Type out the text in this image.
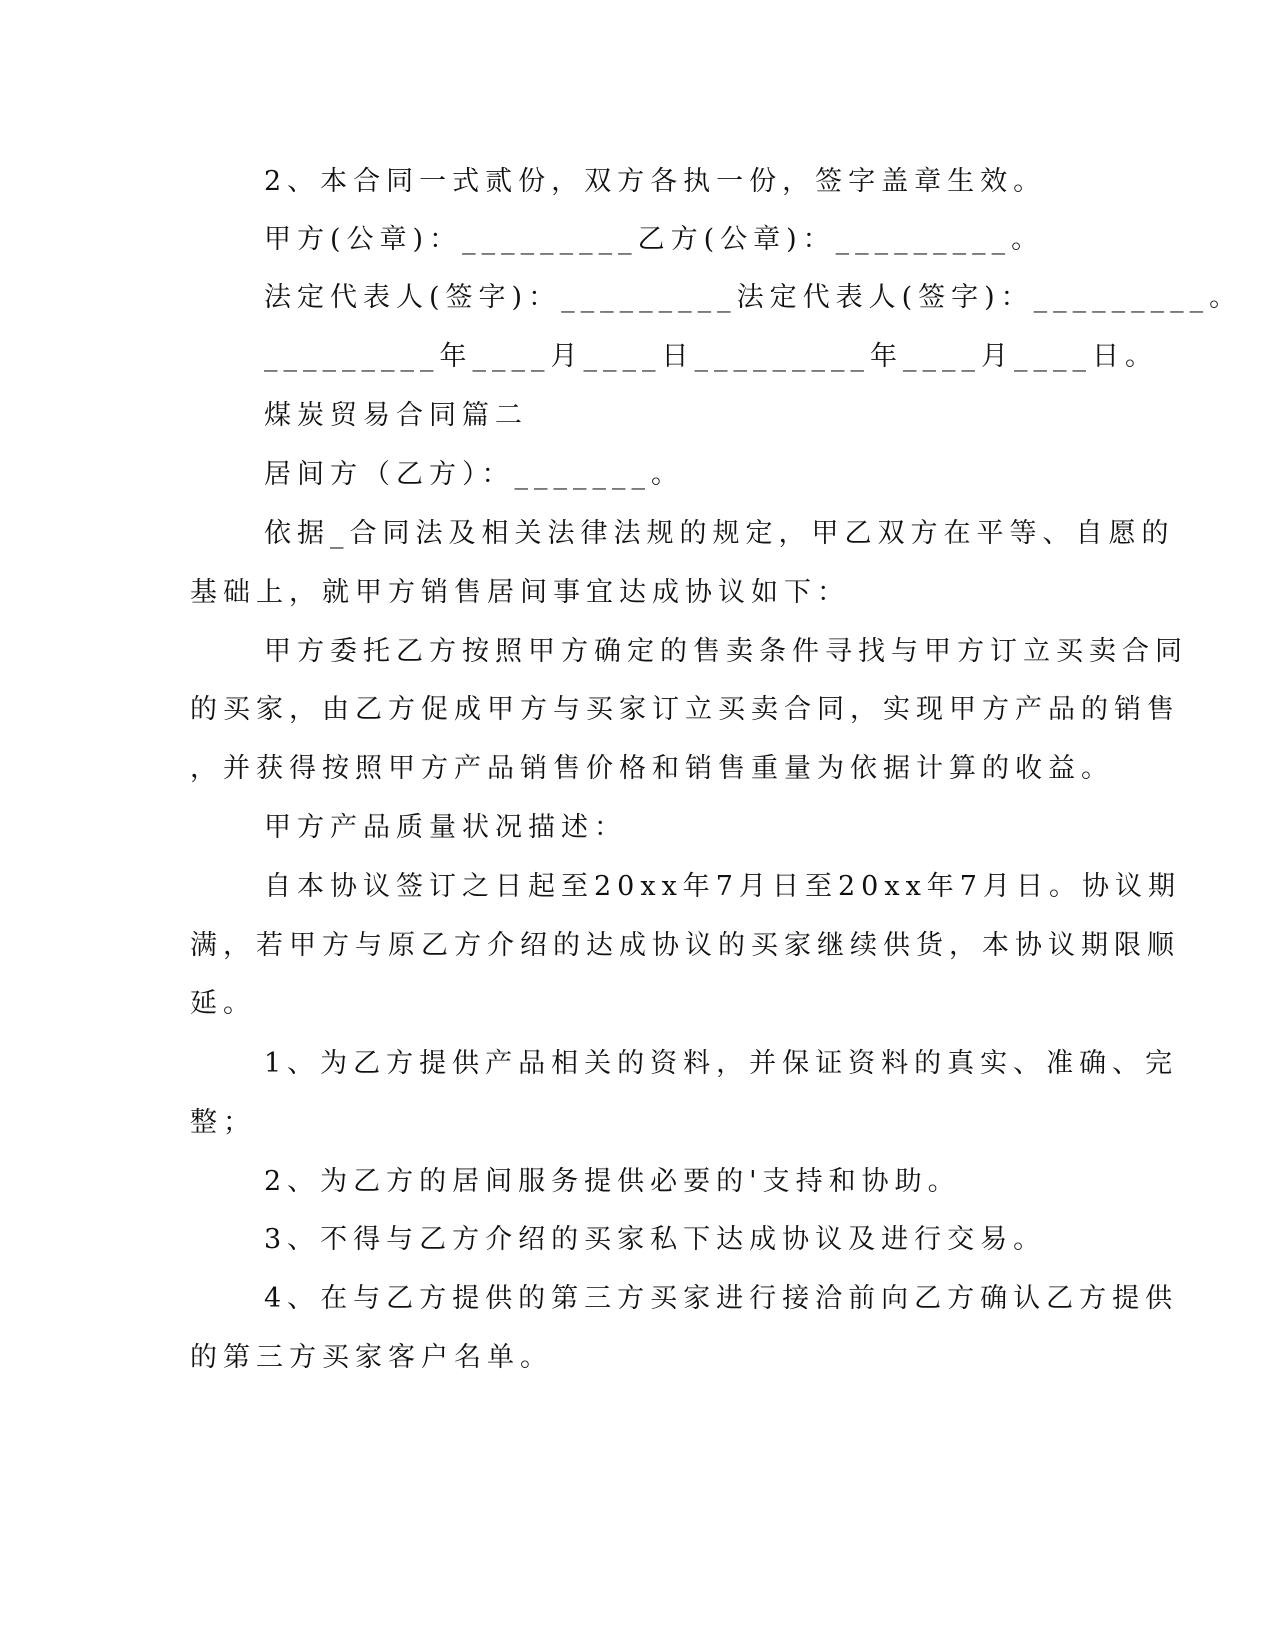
2、本合同一式贰份，双方各执一份，签字盖章生效。
甲方(公章)：_________乙方(公章)：_________。
法定代表人(签字)：_________法定代表人(签字)：_________。
_________年____月____日_________年____月____日。
煤炭贸易合同篇二
居间方（乙方）：_______。
依据_合同法及相关法律法规的规定，甲乙双方在平等、自愿的
基础上，就甲方销售居间事宜达成协议如下：
甲方委托乙方按照甲方确定的售卖条件寻找与甲方订立买卖合同
的买家，由乙方促成甲方与买家订立买卖合同，实现甲方产品的销售
，并获得按照甲方产品销售价格和销售重量为依据计算的收益。
甲方产品质量状况描述：
自本协议签订之日起至20xx年7月日至20xx年7月日。协议期
满，若甲方与原乙方介绍的达成协议的买家继续供货，本协议期限顺
延。
1、为乙方提供产品相关的资料，并保证资料的真实、准确、完
整；
2、为乙方的居间服务提供必要的'支持和协助。
3、不得与乙方介绍的买家私下达成协议及进行交易。
4、在与乙方提供的第三方买家进行接洽前向乙方确认乙方提供
的第三方买家客户名单。
